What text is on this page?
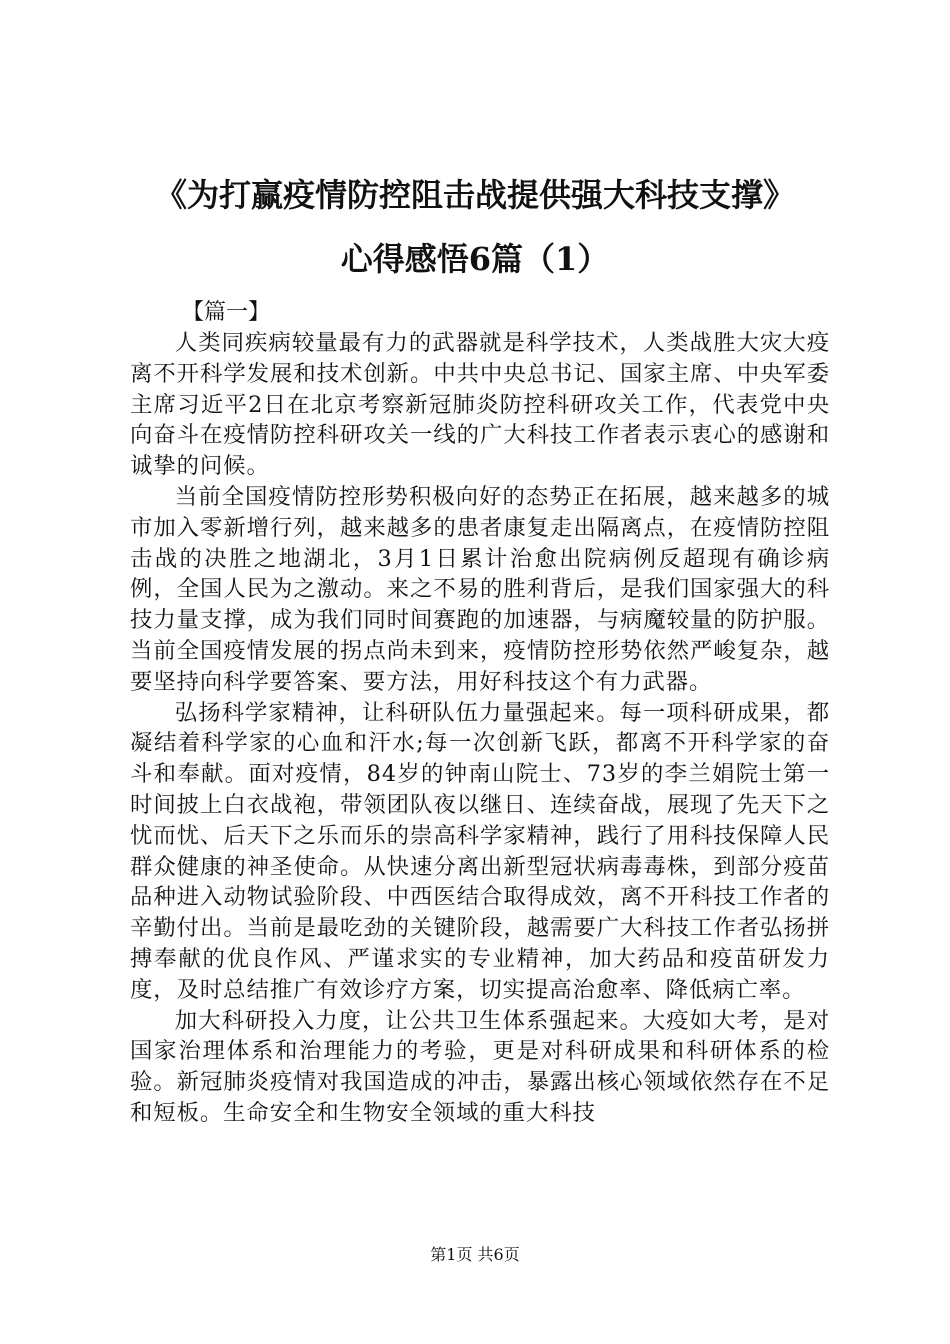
《为打赢疫情防控阻击战提供强大科技支撑》
心得感悟6篇（1）
【篇一】

人类同疾病较量最有力的武器就是科学技术，人类战胜大灾大疫离不开科学发展和技术创新。中共中央总书记、国家主席、中央军委主席习近平2日在北京考察新冠肺炎防控科研攻关工作，代表党中央向奋斗在疫情防控科研攻关一线的广大科技工作者表示衷心的感谢和诚挚的问候。

当前全国疫情防控形势积极向好的态势正在拓展，越来越多的城市加入零新增行列，越来越多的患者康复走出隔离点，在疫情防控阻击战的决胜之地湖北，3月1日累计治愈出院病例反超现有确诊病例，全国人民为之激动。来之不易的胜利背后，是我们国家强大的科技力量支撑，成为我们同时间赛跑的加速器，与病魔较量的防护服。当前全国疫情发展的拐点尚未到来，疫情防控形势依然严峻复杂，越要坚持向科学要答案、要方法，用好科技这个有力武器。

弘扬科学家精神，让科研队伍力量强起来。每一项科研成果，都凝结着科学家的心血和汗水;每一次创新飞跃，都离不开科学家的奋斗和奉献。面对疫情，84岁的钟南山院士、73岁的李兰娟院士第一时间披上白衣战袍，带领团队夜以继日、连续奋战，展现了先天下之忧而忧、后天下之乐而乐的崇高科学家精神，践行了用科技保障人民群众健康的神圣使命。从快速分离出新型冠状病毒毒株，到部分疫苗品种进入动物试验阶段、中西医结合取得成效，离不开科技工作者的辛勤付出。当前是最吃劲的关键阶段，越需要广大科技工作者弘扬拼搏奉献的优良作风、严谨求实的专业精神，加大药品和疫苗研发力度，及时总结推广有效诊疗方案，切实提高治愈率、降低病亡率。

加大科研投入力度，让公共卫生体系强起来。大疫如大考，是对国家治理体系和治理能力的考验，更是对科研成果和科研体系的检验。新冠肺炎疫情对我国造成的冲击，暴露出核心领域依然存在不足和短板。生命安全和生物安全领域的重大科技

第1页 共6页
